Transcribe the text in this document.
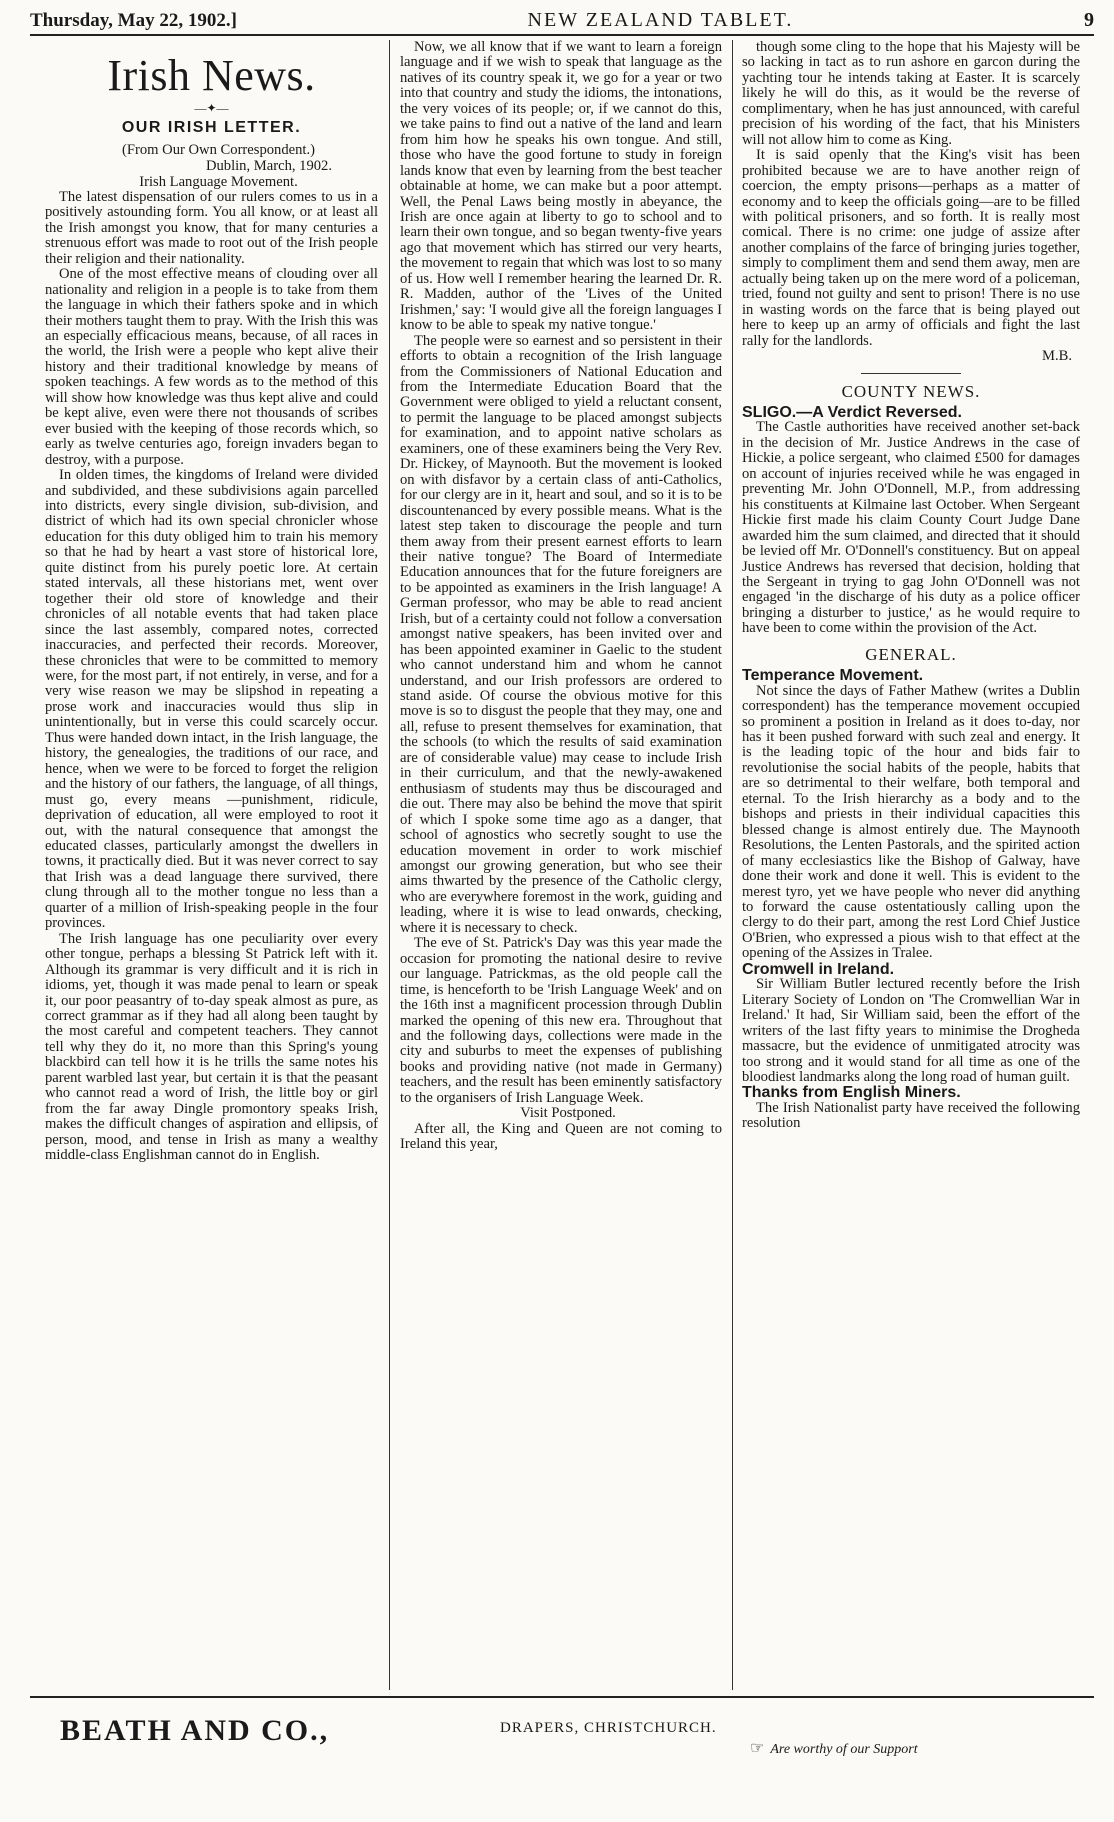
Thursday, May 22, 1902.]	NEW ZEALAND TABLET.	9
Irish News.
—✦—
OUR IRISH LETTER.

(From Our Own Correspondent.)

Dublin, March, 1902.

Irish Language Movement.

The latest dispensation of our rulers comes to us in a positively astounding form. You all know, or at least all the Irish amongst you know, that for many centuries a strenuous effort was made to root out of the Irish people their religion and their nationality.

One of the most effective means of clouding over all nationality and religion in a people is to take from them the language in which their fathers spoke and in which their mothers taught them to pray. With the Irish this was an especially efficacious means, because, of all races in the world, the Irish were a people who kept alive their history and their traditional knowledge by means of spoken teachings. A few words as to the method of this will show how knowledge was thus kept alive and could be kept alive, even were there not thousands of scribes ever busied with the keeping of those records which, so early as twelve centuries ago, foreign invaders began to destroy, with a purpose.

In olden times, the kingdoms of Ireland were divided and subdivided, and these subdivisions again parcelled into districts, every single division, sub-division, and district of which had its own special chronicler whose education for this duty obliged him to train his memory so that he had by heart a vast store of historical lore, quite distinct from his purely poetic lore. At certain stated intervals, all these historians met, went over together their old store of knowledge and their chronicles of all notable events that had taken place since the last assembly, compared notes, corrected inaccuracies, and perfected their records. Moreover, these chronicles that were to be committed to memory were, for the most part, if not entirely, in verse, and for a very wise reason we may be slipshod in repeating a prose work and inaccuracies would thus slip in unintentionally, but in verse this could scarcely occur. Thus were handed down intact, in the Irish language, the history, the genealogies, the traditions of our race, and hence, when we were to be forced to forget the religion and the history of our fathers, the language, of all things, must go, every means —punishment, ridicule, deprivation of education, all were employed to root it out, with the natural consequence that amongst the educated classes, particularly amongst the dwellers in towns, it practically died. But it was never correct to say that Irish was a dead language there survived, there clung through all to the mother tongue no less than a quarter of a million of Irish-speaking people in the four provinces.

The Irish language has one peculiarity over every other tongue, perhaps a blessing St Patrick left with it. Although its grammar is very difficult and it is rich in idioms, yet, though it was made penal to learn or speak it, our poor peasantry of to-day speak almost as pure, as correct grammar as if they had all along been taught by the most careful and competent teachers. They cannot tell why they do it, no more than this Spring's young blackbird can tell how it is he trills the same notes his parent warbled last year, but certain it is that the peasant who cannot read a word of Irish, the little boy or girl from the far away Dingle promontory speaks Irish, makes the difficult changes of aspiration and ellipsis, of person, mood, and tense in Irish as many a wealthy middle-class Englishman cannot do in English.

Now, we all know that if we want to learn a foreign language and if we wish to speak that language as the natives of its country speak it, we go for a year or two into that country and study the idioms, the intonations, the very voices of its people; or, if we cannot do this, we take pains to find out a native of the land and learn from him how he speaks his own tongue. And still, those who have the good fortune to study in foreign lands know that even by learning from the best teacher obtainable at home, we can make but a poor attempt. Well, the Penal Laws being mostly in abeyance, the Irish are once again at liberty to go to school and to learn their own tongue, and so began twenty-five years ago that movement which has stirred our very hearts, the movement to regain that which was lost to so many of us. How well I remember hearing the learned Dr. R. R. Madden, author of the 'Lives of the United Irishmen,' say: 'I would give all the foreign languages I know to be able to speak my native tongue.'

The people were so earnest and so persistent in their efforts to obtain a recognition of the Irish language from the Commissioners of National Education and from the Intermediate Education Board that the Government were obliged to yield a reluctant consent, to permit the language to be placed amongst subjects for examination, and to appoint native scholars as examiners, one of these examiners being the Very Rev. Dr. Hickey, of Maynooth. But the movement is looked on with disfavor by a certain class of anti-Catholics, for our clergy are in it, heart and soul, and so it is to be discountenanced by every possible means. What is the latest step taken to discourage the people and turn them away from their present earnest efforts to learn their native tongue? The Board of Intermediate Education announces that for the future foreigners are to be appointed as examiners in the Irish language! A German professor, who may be able to read ancient Irish, but of a certainty could not follow a conversation amongst native speakers, has been invited over and has been appointed examiner in Gaelic to the student who cannot understand him and whom he cannot understand, and our Irish professors are ordered to stand aside. Of course the obvious motive for this move is so to disgust the people that they may, one and all, refuse to present themselves for examination, that the schools (to which the results of said examination are of considerable value) may cease to include Irish in their curriculum, and that the newly-awakened enthusiasm of students may thus be discouraged and die out. There may also be behind the move that spirit of which I spoke some time ago as a danger, that school of agnostics who secretly sought to use the education movement in order to work mischief amongst our growing generation, but who see their aims thwarted by the presence of the Catholic clergy, who are everywhere foremost in the work, guiding and leading, where it is wise to lead onwards, checking, where it is necessary to check.

The eve of St. Patrick's Day was this year made the occasion for promoting the national desire to revive our language. Patrickmas, as the old people call the time, is henceforth to be 'Irish Language Week' and on the 16th inst a magnificent procession through Dublin marked the opening of this new era. Throughout that and the following days, collections were made in the city and suburbs to meet the expenses of publishing books and providing native (not made in Germany) teachers, and the result has been eminently satisfactory to the organisers of Irish Language Week.

Visit Postponed.

After all, the King and Queen are not coming to Ireland this year,

though some cling to the hope that his Majesty will be so lacking in tact as to run ashore en garcon during the yachting tour he intends taking at Easter. It is scarcely likely he will do this, as it would be the reverse of complimentary, when he has just announced, with careful precision of his wording of the fact, that his Ministers will not allow him to come as King.

It is said openly that the King's visit has been prohibited because we are to have another reign of coercion, the empty prisons—perhaps as a matter of economy and to keep the officials going—are to be filled with political prisoners, and so forth. It is really most comical. There is no crime: one judge of assize after another complains of the farce of bringing juries together, simply to compliment them and send them away, men are actually being taken up on the mere word of a policeman, tried, found not guilty and sent to prison! There is no use in wasting words on the farce that is being played out here to keep up an army of officials and fight the last rally for the landlords.

M.B.

COUNTY NEWS.

SLIGO.—A Verdict Reversed.

The Castle authorities have received another set-back in the decision of Mr. Justice Andrews in the case of Hickie, a police sergeant, who claimed £500 for damages on account of injuries received while he was engaged in preventing Mr. John O'Donnell, M.P., from addressing his constituents at Kilmaine last October. When Sergeant Hickie first made his claim County Court Judge Dane awarded him the sum claimed, and directed that it should be levied off Mr. O'Donnell's constituency. But on appeal Justice Andrews has reversed that decision, holding that the Sergeant in trying to gag John O'Donnell was not engaged 'in the discharge of his duty as a police officer bringing a disturber to justice,' as he would require to have been to come within the provision of the Act.

GENERAL.

Temperance Movement.

Not since the days of Father Mathew (writes a Dublin correspondent) has the temperance movement occupied so prominent a position in Ireland as it does to-day, nor has it been pushed forward with such zeal and energy. It is the leading topic of the hour and bids fair to revolutionise the social habits of the people, habits that are so detrimental to their welfare, both temporal and eternal. To the Irish hierarchy as a body and to the bishops and priests in their individual capacities this blessed change is almost entirely due. The Maynooth Resolutions, the Lenten Pastorals, and the spirited action of many ecclesiastics like the Bishop of Galway, have done their work and done it well. This is evident to the merest tyro, yet we have people who never did anything to forward the cause ostentatiously calling upon the clergy to do their part, among the rest Lord Chief Justice O'Brien, who expressed a pious wish to that effect at the opening of the Assizes in Tralee.

Cromwell in Ireland.

Sir William Butler lectured recently before the Irish Literary Society of London on 'The Cromwellian War in Ireland.' It had, Sir William said, been the effort of the writers of the last fifty years to minimise the Drogheda massacre, but the evidence of unmitigated atrocity was too strong and it would stand for all time as one of the bloodiest landmarks along the long road of human guilt.

Thanks from English Miners.

The Irish Nationalist party have received the following resolution

BEATH AND CO.,	DRAPERS, CHRISTCHURCH.
☞ Are worthy of our Support
